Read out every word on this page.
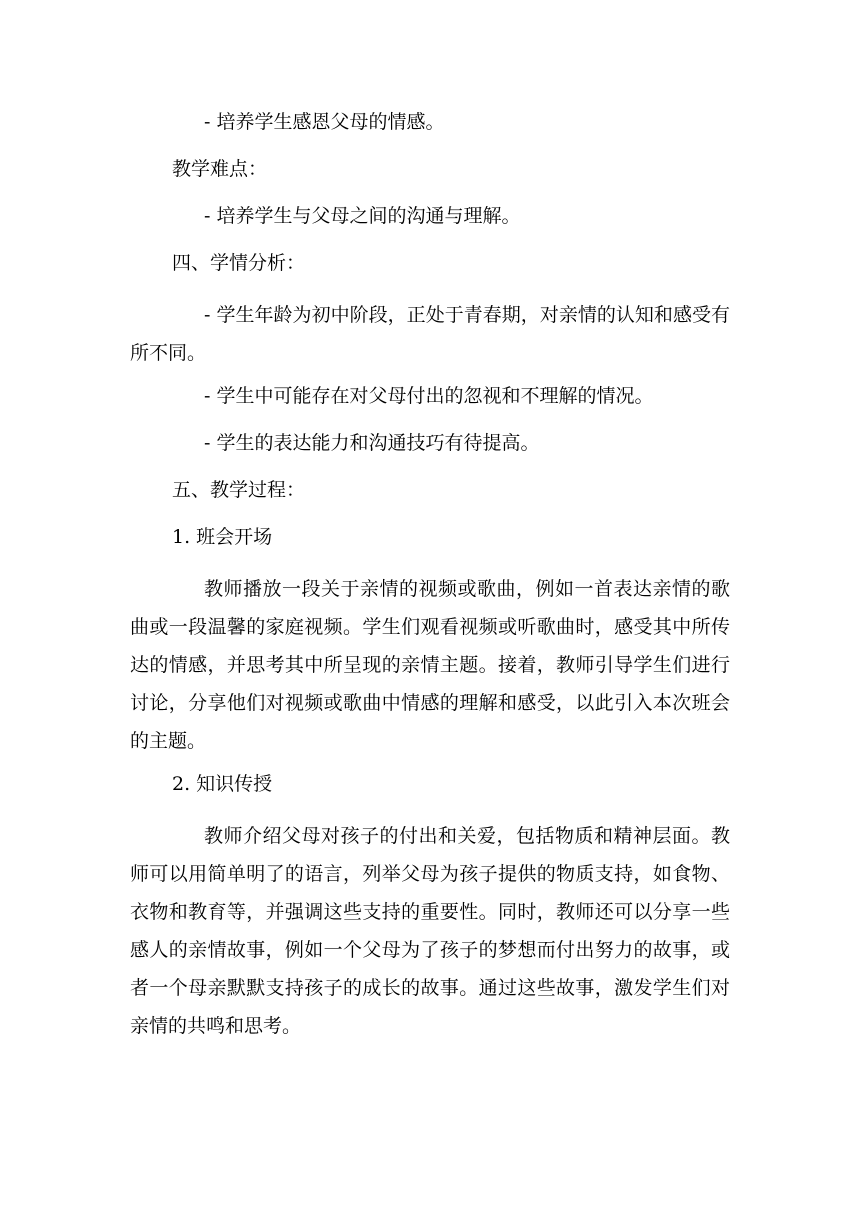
- 培养学生感恩父母的情感。
教学难点：
- 培养学生与父母之间的沟通与理解。
四、学情分析：
- 学生年龄为初中阶段，正处于青春期，对亲情的认知和感受有所不同。
- 学生中可能存在对父母付出的忽视和不理解的情况。
- 学生的表达能力和沟通技巧有待提高。
五、教学过程：
1. 班会开场
教师播放一段关于亲情的视频或歌曲，例如一首表达亲情的歌曲或一段温馨的家庭视频。学生们观看视频或听歌曲时，感受其中所传达的情感，并思考其中所呈现的亲情主题。接着，教师引导学生们进行讨论，分享他们对视频或歌曲中情感的理解和感受，以此引入本次班会的主题。
2. 知识传授
教师介绍父母对孩子的付出和关爱，包括物质和精神层面。教师可以用简单明了的语言，列举父母为孩子提供的物质支持，如食物、衣物和教育等，并强调这些支持的重要性。同时，教师还可以分享一些感人的亲情故事，例如一个父母为了孩子的梦想而付出努力的故事，或者一个母亲默默支持孩子的成长的故事。通过这些故事，激发学生们对亲情的共鸣和思考。
